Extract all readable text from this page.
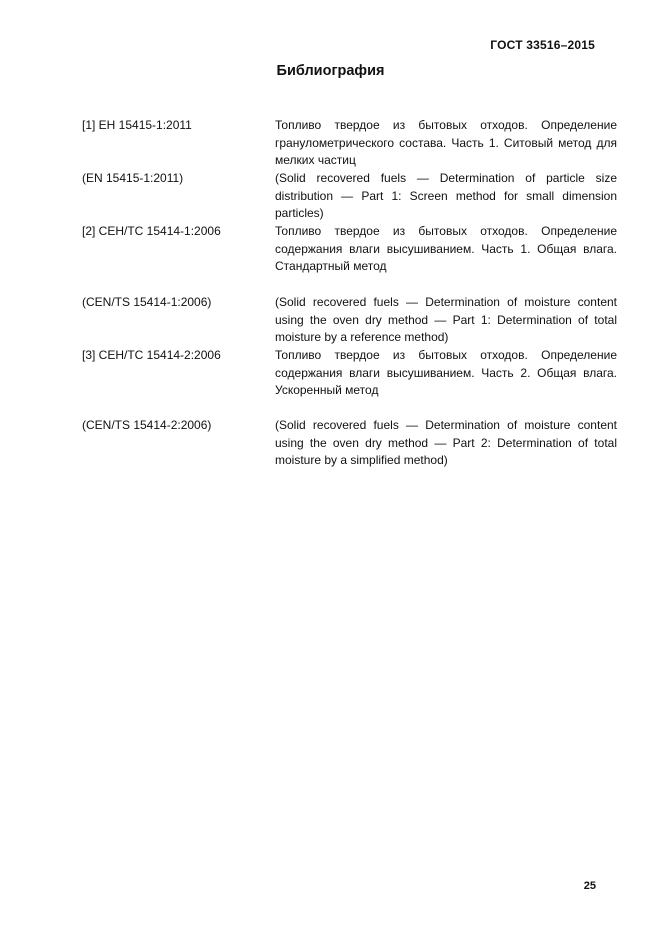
ГОСТ 33516–2015
Библиография
[1] ЕН 15415-1:2011	Топливо твердое из бытовых отходов. Определение гранулометрического состава. Часть 1. Ситовый метод для мелких частиц
(EN 15415-1:2011)	(Solid recovered fuels — Determination of particle size distribution — Part 1: Screen method for small dimension particles)
[2] CЕН/ТС 15414-1:2006	Топливо твердое из бытовых отходов. Определение содержания влаги высушиванием. Часть 1. Общая влага. Стандартный метод
(CEN/TS 15414-1:2006)	(Solid recovered fuels — Determination of moisture content using the oven dry method — Part 1: Determination of total moisture by a reference method)
[3] CЕН/ТС 15414-2:2006	Топливо твердое из бытовых отходов. Определение содержания влаги высушиванием. Часть 2. Общая влага. Ускоренный метод
(CEN/TS 15414-2:2006)	(Solid recovered fuels — Determination of moisture content using the oven dry method — Part 2: Determination of total moisture by a simplified method)
25
